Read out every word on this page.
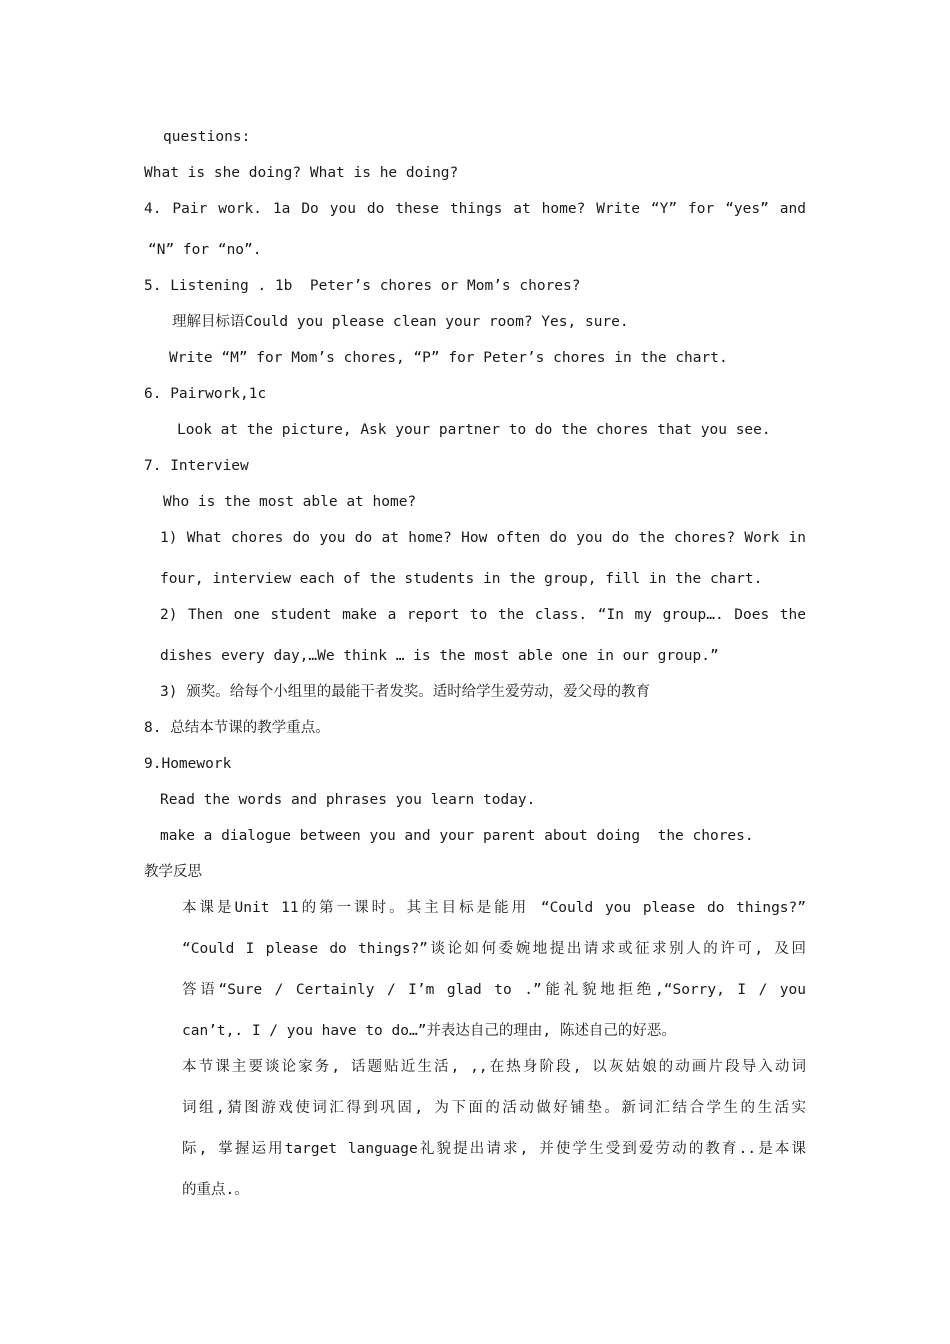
questions:
What is she doing? What is he doing?
4. Pair work. 1a Do you do these things at home? Write “Y” for “yes” and
“N” for “no”.
5. Listening . 1b  Peter’s chores or Mom’s chores?
理解目标语Could you please clean your room? Yes, sure.
Write “M” for Mom’s chores, “P” for Peter’s chores in the chart.
6. Pairwork,1c
Look at the picture, Ask your partner to do the chores that you see.
7. Interview
Who is the most able at home?
1) What chores do you do at home? How often do you do the chores? Work in
four, interview each of the students in the group, fill in the chart.
2) Then one student make a report to the class. “In my group…. Does the
dishes every day,…We think … is the most able one in our group.”
3) 颁奖。给每个小组里的最能干者发奖。适时给学生爱劳动，爱父母的教育
8. 总结本节课的教学重点。
9.Homework
Read the words and phrases you learn today.
make a dialogue between you and your parent about doing  the chores.
教学反思
本课是Unit 11的第一课时。其主目标是能用 “Could you please do things?”
“Could I please do things?”谈论如何委婉地提出请求或征求别人的许可, 及回
答语“Sure / Certainly / I’m glad to .”能礼貌地拒绝,“Sorry, I / you
can’t,. I / you have to do…”并表达自己的理由, 陈述自己的好恶。
本节课主要谈论家务, 话题贴近生活, ,,在热身阶段, 以灰姑娘的动画片段导入动词
词组,猜图游戏使词汇得到巩固, 为下面的活动做好铺垫。新词汇结合学生的生活实
际, 掌握运用target language礼貌提出请求, 并使学生受到爱劳动的教育..是本课
的重点.。
